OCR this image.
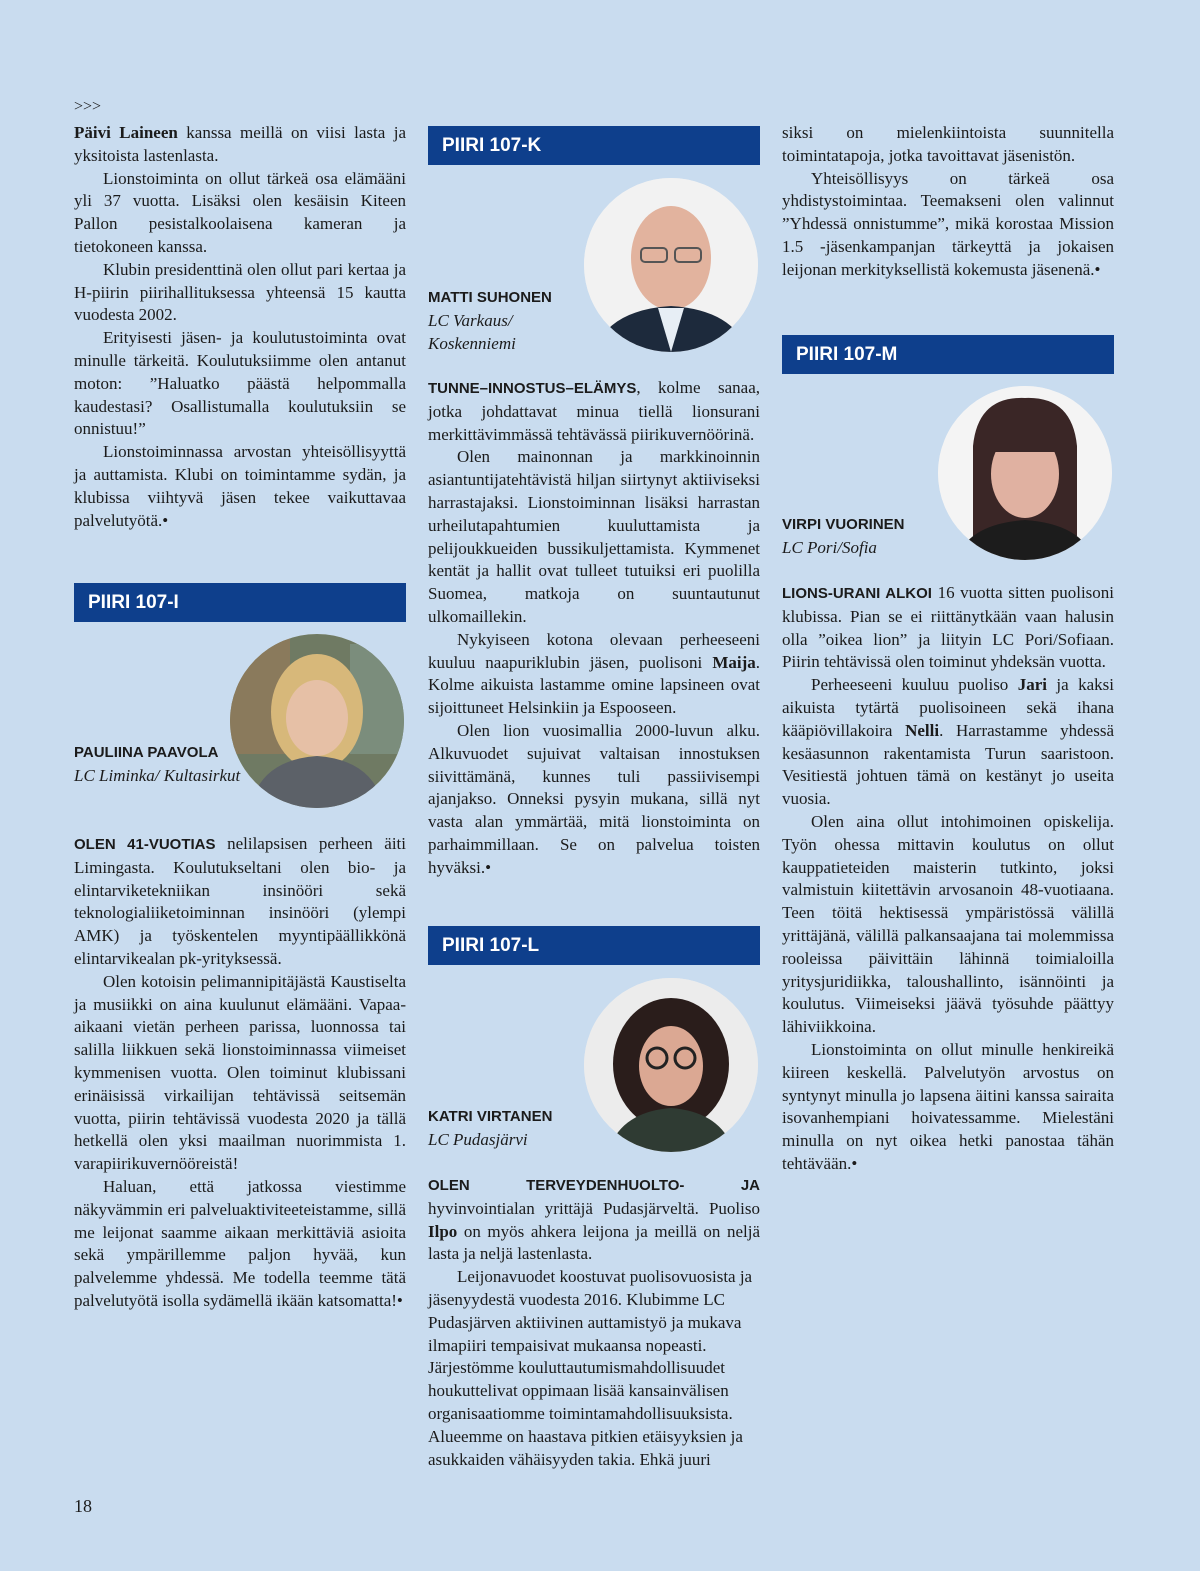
>>>

Päivi Laineen kanssa meillä on viisi lasta ja yksitoista lastenlasta.

Lionstoiminta on ollut tärkeä osa elämääni yli 37 vuotta. Lisäksi olen kesäisin Kiteen Pallon pesistalkoolaisena kameran ja tietokoneen kanssa.

Klubin presidenttinä olen ollut pari kertaa ja H-piirin piirihallituksessa yhteensä 15 kautta vuodesta 2002.

Erityisesti jäsen- ja koulutustoiminta ovat minulle tärkeitä. Koulutuksiimme olen antanut moton: ”Haluatko päästä helpommalla kaudestasi? Osallistumalla koulutuksiin se onnistuu!”

Lionstoiminnassa arvostan yhteisöllisyyttä ja auttamista. Klubi on toimintamme sydän, ja klubissa viihtyvä jäsen tekee vaikuttavaa palvelutyötä.•

PIIRI 107-I
PAULIINA PAAVOLA
LC Liminka/ Kultasirkut

OLEN 41-VUOTIAS nelilapsisen perheen äiti Limingasta. Koulutukseltani olen bio- ja elintarviketekniikan insinööri sekä teknologialiiketoiminnan insinööri (ylempi AMK) ja työskentelen myyntipäällikkönä elintarvikealan pk-yrityksessä.

Olen kotoisin pelimannipitäjästä Kaustiselta ja musiikki on aina kuulunut elämääni. Vapaa-aikaani vietän perheen parissa, luonnossa tai salilla liikkuen sekä lionstoiminnassa viimeiset kymmenisen vuotta. Olen toiminut klubissani erinäisissä virkailijan tehtävissä seitsemän vuotta, piirin tehtävissä vuodesta 2020 ja tällä hetkellä olen yksi maailman nuorimmista 1. varapiirikuvernööreistä!

Haluan, että jatkossa viestimme näkyvämmin eri palveluaktiviteeteistamme, sillä me leijonat saamme aikaan merkittäviä asioita sekä ympärillemme paljon hyvää, kun palvelemme yhdessä. Me todella teemme tätä palvelutyötä isolla sydämellä ikään katsomatta!•

PIIRI 107-K
MATTI SUHONEN
LC Varkaus/ Koskenniemi

TUNNE–INNOSTUS–ELÄMYS, kolme sanaa, jotka johdattavat minua tiellä lionsurani merkittävimmässä tehtävässä piirikuvernöörinä.

Olen mainonnan ja markkinoinnin asiantuntijatehtävistä hiljan siirtynyt aktiiviseksi harrastajaksi. Lionstoiminnan lisäksi harrastan urheilutapahtumien kuuluttamista ja pelijoukkueiden bussikuljettamista. Kymmenet kentät ja hallit ovat tulleet tutuiksi eri puolilla Suomea, matkoja on suuntautunut ulkomaillekin.

Nykyiseen kotona olevaan perheeseeni kuuluu naapuriklubin jäsen, puolisoni Maija. Kolme aikuista lastamme omine lapsineen ovat sijoittuneet Helsinkiin ja Espooseen.

Olen lion vuosimallia 2000-luvun alku. Alkuvuodet sujuivat valtaisan innostuksen siivittämänä, kunnes tuli passiivisempi ajanjakso. Onneksi pysyin mukana, sillä nyt vasta alan ymmärtää, mitä lionstoiminta on parhaimmillaan. Se on palvelua toisten hyväksi.•

PIIRI 107-L
KATRI VIRTANEN
LC Pudasjärvi

OLEN TERVEYDENHUOLTO- JA hyvinvointialan yrittäjä Pudasjärveltä. Puoliso Ilpo on myös ahkera leijona ja meillä on neljä lasta ja neljä lastenlasta.

Leijonavuodet koostuvat puolisovuosista ja jäsenyydestä vuodesta 2016. Klubimme LC Pudasjärven aktiivinen auttamistyö ja mukava ilmapiiri tempaisivat mukaansa nopeasti. Järjestömme kouluttautumismahdollisuudet houkuttelivat oppimaan lisää kansainvälisen organisaatiomme toimintamahdollisuuksista. Alueemme on haastava pitkien etäisyyksien ja asukkaiden vähäisyyden takia. Ehkä juuri

siksi on mielenkiintoista suunnitella toimintatapoja, jotka tavoittavat jäsenistön.

Yhteisöllisyys on tärkeä osa yhdistystoimintaa. Teemakseni olen valinnut ”Yhdessä onnistumme”, mikä korostaa Mission 1.5 -jäsenkampanjan tärkeyttä ja jokaisen leijonan merkityksellistä kokemusta jäsenenä.•

PIIRI 107-M
VIRPI VUORINEN
LC Pori/Sofia

LIONS-URANI ALKOI 16 vuotta sitten puolisoni klubissa. Pian se ei riittänytkään vaan halusin olla ”oikea lion” ja liityin LC Pori/Sofiaan. Piirin tehtävissä olen toiminut yhdeksän vuotta.

Perheeseeni kuuluu puoliso Jari ja kaksi aikuista tytärtä puolisoineen sekä ihana kääpiövillakoira Nelli. Harrastamme yhdessä kesäasunnon rakentamista Turun saaristoon. Vesitiestä johtuen tämä on kestänyt jo useita vuosia.

Olen aina ollut intohimoinen opiskelija. Työn ohessa mittavin koulutus on ollut kauppatieteiden maisterin tutkinto, joksi valmistuin kiitettävin arvosanoin 48-vuotiaana. Teen töitä hektisessä ympäristössä välillä yrittäjänä, välillä palkansaajana tai molemmissa rooleissa päivittäin lähinnä toimialoilla yritysjuridiikka, taloushallinto, isännöinti ja koulutus. Viimeiseksi jäävä työsuhde päättyy lähiviikkoina.

Lionstoiminta on ollut minulle henkireikä kiireen keskellä. Palvelutyön arvostus on syntynyt minulla jo lapsena äitini kanssa sairaita isovanhempiani hoivatessamme. Mielestäni minulla on nyt oikea hetki panostaa tähän tehtävään.•

18
